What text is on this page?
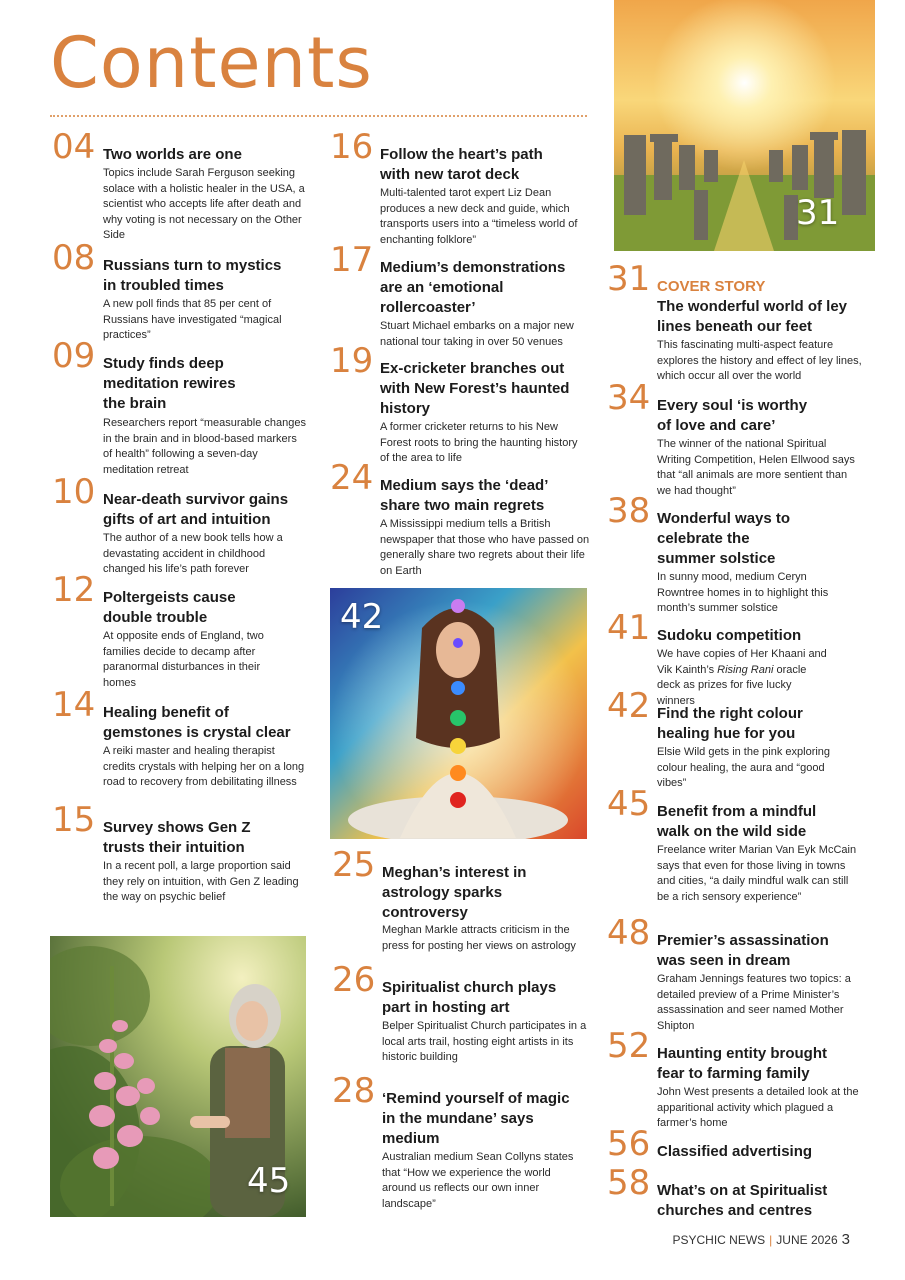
Contents
04 Two worlds are one
Topics include Sarah Ferguson seeking solace with a holistic healer in the USA, a scientist who accepts life after death and why voting is not necessary on the Other Side
08 Russians turn to mystics in troubled times
A new poll finds that 85 per cent of Russians have investigated “magical practices”
09 Study finds deep meditation rewires the brain
Researchers report “measurable changes in the brain and in blood-based markers of health” following a seven-day meditation retreat
10 Near-death survivor gains gifts of art and intuition
The author of a new book tells how a devastating accident in childhood changed his life’s path forever
12 Poltergeists cause double trouble
At opposite ends of England, two families decide to decamp after paranormal disturbances in their homes
14 Healing benefit of gemstones is crystal clear
A reiki master and healing therapist credits crystals with helping her on a long road to recovery from debilitating illness
15 Survey shows Gen Z trusts their intuition
In a recent poll, a large proportion said they rely on intuition, with Gen Z leading the way on psychic belief
45
16 Follow the heart’s path with new tarot deck
Multi-talented tarot expert Liz Dean produces a new deck and guide, which transports users into a “timeless world of enchanting folklore”
17 Medium’s demonstrations are an ‘emotional rollercoaster’
Stuart Michael embarks on a major new national tour taking in over 50 venues
19 Ex-cricketer branches out with New Forest’s haunted history
A former cricketer returns to his New Forest roots to bring the haunting history of the area to life
24 Medium says the ‘dead’ share two main regrets
A Mississippi medium tells a British newspaper that those who have passed on generally share two regrets about their life on Earth
42
25 Meghan’s interest in astrology sparks controversy
Meghan Markle attracts criticism in the press for posting her views on astrology
26 Spiritualist church plays part in hosting art
Belper Spiritualist Church participates in a local arts trail, hosting eight artists in its historic building
28 ‘Remind yourself of magic in the mundane’ says medium
Australian medium Sean Collyns states that “How we experience the world around us reflects our own inner landscape”
31
31 COVER STORY
The wonderful world of ley lines beneath our feet
This fascinating multi-aspect feature explores the history and effect of ley lines, which occur all over the world
34 Every soul ‘is worthy of love and care’
The winner of the national Spiritual Writing Competition, Helen Ellwood says that “all animals are more sentient than we had thought”
38 Wonderful ways to celebrate the summer solstice
In sunny mood, medium Ceryn Rowntree homes in to highlight this month’s summer solstice
41 Sudoku competition
We have copies of Her Khaani and Vik Kainth’s Rising Rani oracle deck as prizes for five lucky winners
42 Find the right colour healing hue for you
Elsie Wild gets in the pink exploring colour healing, the aura and “good vibes”
45 Benefit from a mindful walk on the wild side
Freelance writer Marian Van Eyk McCain says that even for those living in towns and cities, “a daily mindful walk can still be a rich sensory experience”
48 Premier’s assassination was seen in dream
Graham Jennings features two topics: a detailed preview of a Prime Minister’s assassination and seer named Mother Shipton
52 Haunting entity brought fear to farming family
John West presents a detailed look at the apparitional activity which plagued a farmer’s home
56 Classified advertising
58 What’s on at Spiritualist churches and centres
PSYCHIC NEWS | JUNE 2026 3
